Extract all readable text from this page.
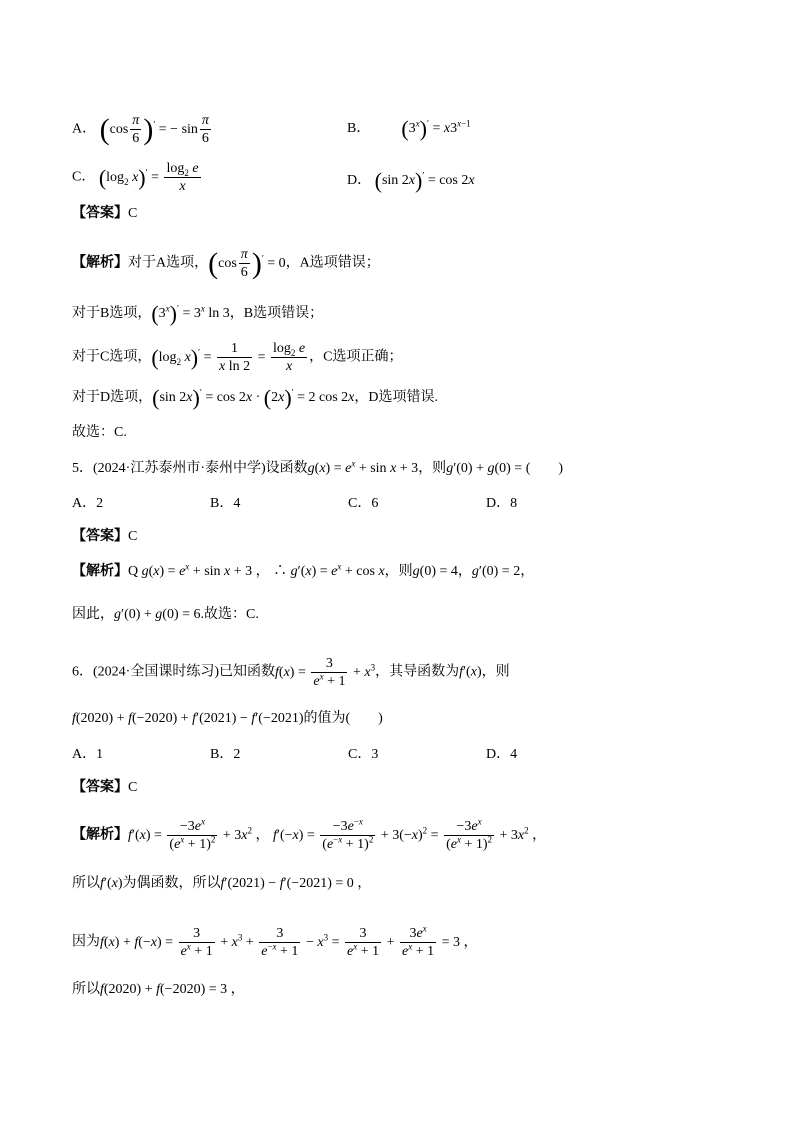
A． $(\cos \frac{\pi}{6} )'$ = − $\sin \frac{\pi}{6}$	B． $(3^x)' = x3^{x-1}$
C． ($\log_2$ $x)' = \frac{\log_2 e}{x}$	D． (sin 2x)′ = cos 2x
【答案】C
【解析】对于A选项，$(\cos \frac{\pi}{6} )' = 0$，A选项错误；
对于B选项，$(3^x)' = 3^x$ ln 3，B选项错误；
对于C选项，($\log_2$ $x)' = \frac{1}{\text{x ln 2}} = \frac{\log_2 e}{x}$ ，C选项正确；
对于D选项，(sin 2x)′ = cos 2x · (2x)′ = 2 cos 2x，D选项错误.
故选：C.
5．(2024·江苏泰州市·泰州中学)设函数$g(x) = e^x + \sin x + 3$，则g′(0) + g(0) = (　　)
A．2	B．4	C．6	D．8
【答案】C
【解析】Q $g(x) = e^x + \sin x + 3$ ， ∴ $g'(x) = e^x + \cos x$，则g(0) = 4，g′(0) = 2，
因此，g′(0) + g(0) = 6.故选：C.
6．(2024·全国课时练习)已知函数$f(x) = \frac{3}{e^x + 1} + x^3$，其导函数为f′(x)，则
f(2020) + f(−2020) + f′(2021) − f′(−2021)的值为(　　)
A．1	B．2	C．3	D．4
【答案】C
【解析】$f'(x) = \frac{-3e^x}{(e^x + 1)^2} + 3x^2$ ， $f'(-x) = \frac{-3e^{-x}}{(e^{-x} + 1)^2} + 3(-x)^2 = \frac{-3e^x}{(e^x + 1)^2} + 3x^2$ ，
所以f′(x)为偶函数，所以f′(2021) − f′(−2021) = 0 ，
因为$f(x) + f(-x) = \frac{3}{e^x + 1} + x^3 + \frac{3}{e^{-x} + 1} - x^3 = \frac{3}{e^x + 1} + \frac{3e^x}{e^x + 1} = 3$ ，
所以f(2020) + f(−2020) = 3 ，
